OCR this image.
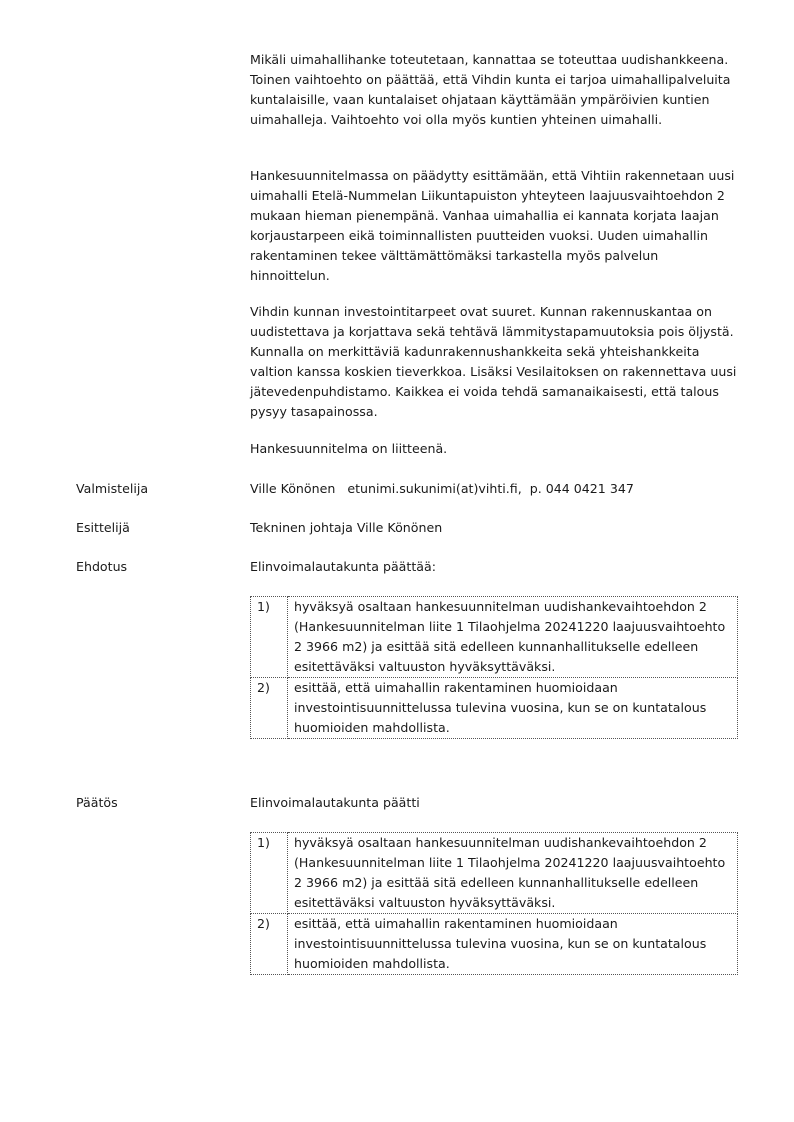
Mikäli uimahallihanke toteutetaan, kannattaa se toteuttaa uudishankkeena. Toinen vaihtoehto on päättää, että Vihdin kunta ei tarjoa uimahallipalveluita kuntalaisille, vaan kuntalaiset ohjataan käyttämään ympäröivien kuntien uimahalleja. Vaihtoehto voi olla myös kuntien yhteinen uimahalli.

Hankesuunnitelmassa on päädytty esittämään, että Vihtiin rakennetaan uusi uimahalli Etelä-Nummelan Liikuntapuiston yhteyteen laajuusvaihtoehdon 2 mukaan hieman pienempänä. Vanhaa uimahallia ei kannata korjata laajan korjaustarpeen eikä toiminnallisten puutteiden vuoksi. Uuden uimahallin rakentaminen tekee välttämättömäksi tarkastella myös palvelun hinnoittelun.

Vihdin kunnan investointitarpeet ovat suuret. Kunnan rakennuskantaa on uudistettava ja korjattava sekä tehtävä lämmitystapamuutoksia pois öljystä. Kunnalla on merkittäviä kadunrakennushankkeita sekä yhteishankkeita valtion kanssa koskien tieverkkoa. Lisäksi Vesilaitoksen on rakennettava uusi jätevedenpuhdistamo. Kaikkea ei voida tehdä samanaikaisesti, että talous pysyy tasapainossa.

Hankesuunnitelma on liitteenä.

Valmistelija	Ville Könönen   etunimi.sukunimi(at)vihti.fi,  p. 044 0421 347
Esittelijä	Tekninen johtaja Ville Könönen
Ehdotus	Elinvoimalautakunta päättää:
1)	hyväksyä osaltaan hankesuunnitelman uudishankevaihtoehdon 2 (Hankesuunnitelman liite 1 Tilaohjelma 20241220 laajuusvaihtoehto 2 3966 m2) ja esittää sitä edelleen kunnanhallitukselle edelleen esitettäväksi valtuuston hyväksyttäväksi.
2)	esittää, että uimahallin rakentaminen huomioidaan investointisuunnittelussa tulevina vuosina, kun se on kuntatalous huomioiden mahdollista.
Päätös	Elinvoimalautakunta päätti
1)	hyväksyä osaltaan hankesuunnitelman uudishankevaihtoehdon 2 (Hankesuunnitelman liite 1 Tilaohjelma 20241220 laajuusvaihtoehto 2 3966 m2) ja esittää sitä edelleen kunnanhallitukselle edelleen esitettäväksi valtuuston hyväksyttäväksi.
2)	esittää, että uimahallin rakentaminen huomioidaan investointisuunnittelussa tulevina vuosina, kun se on kuntatalous huomioiden mahdollista.
